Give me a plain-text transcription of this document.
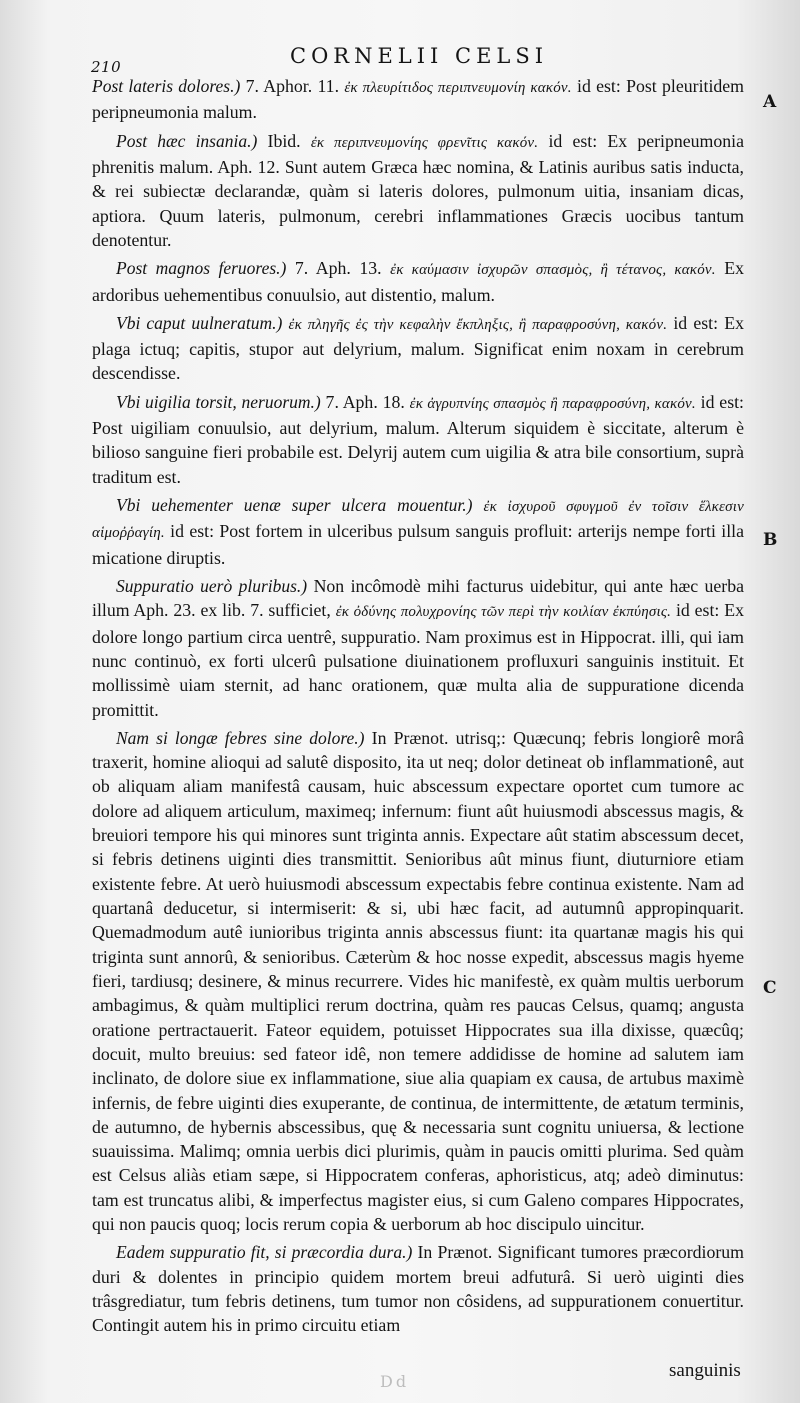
210	CORNELII CELSI
A
B
C

Post lateris dolores.) 7. Aphor. 11. ἐκ πλευρίτιδος περιπνευμονίη κακόν. id est: Post pleuritidem peripneumonia malum.

Post hæc insania.) Ibid. ἐκ περιπνευμονίης φρενῖτις κακόν. id est: Ex peripneumonia phrenitis malum. Aph. 12. Sunt autem Græca hæc nomina, & Latinis auribus satis inducta, & rei subiectæ declarandæ, quàm si lateris dolores, pulmonum uitia, insaniam dicas, aptiora. Quum lateris, pulmonum, cerebri inflammationes Græcis uocibus tantum denotentur.

Post magnos feruores.) 7. Aph. 13. ἐκ καύμασιν ἰσχυρῶν σπασμὸς, ἢ τέτανος, κακόν. Ex ardoribus uehementibus conuulsio, aut distentio, malum.

Vbi caput uulneratum.) ἐκ πληγῆς ἐς τὴν κεφαλὴν ἔκπληξις, ἢ παραφροσύνη, κακόν. id est: Ex plaga ictuq; capitis, stupor aut delyrium, malum. Significat enim noxam in cerebrum descendisse.

Vbi uigilia torsit, neruorum.) 7. Aph. 18. ἐκ ἀγρυπνίης σπασμὸς ἢ παραφροσύνη, κακόν. id est: Post uigiliam conuulsio, aut delyrium, malum. Alterum siquidem è siccitate, alterum è bilioso sanguine fieri probabile est. Delyrij autem cum uigilia & atra bile consortium, suprà traditum est.

Vbi uehementer uenæ super ulcera mouentur.) ἐκ ἰσχυροῦ σφυγμοῦ ἐν τοῖσιν ἕλκεσιν αἱμοῤῥαγίη. id est: Post fortem in ulceribus pulsum sanguis profluit: arterijs nempe forti illa micatione diruptis.

Suppuratio uerò pluribus.) Non incômodè mihi facturus uidebitur, qui ante hæc uerba illum Aph. 23. ex lib. 7. sufficiet, ἐκ ὀδύνης πολυχρονίης τῶν περὶ τὴν κοιλίαν ἐκπύησις. id est: Ex dolore longo partium circa uentrê, suppuratio. Nam proximus est in Hippocrat. illi, qui iam nunc continuò, ex forti ulcerû pulsatione diuinationem profluxuri sanguinis instituit. Et mollissimè uiam sternit, ad hanc orationem, quæ multa alia de suppuratione dicenda promittit.

Nam si longæ febres sine dolore.) In Prænot. utrisq;: Quæcunq; febris longiorê morâ traxerit, homine alioqui ad salutê disposito, ita ut neq; dolor detineat ob inflammationê, aut ob aliquam aliam manifestâ causam, huic abscessum expectare oportet cum tumore ac dolore ad aliquem articulum, maximeq; infernum: fiunt aût huiusmodi abscessus magis, & breuiori tempore his qui minores sunt triginta annis. Expectare aût statim abscessum decet, si febris detinens uiginti dies transmittit. Senioribus aût minus fiunt, diuturniore etiam existente febre. At uerò huiusmodi abscessum expectabis febre continua existente. Nam ad quartanâ deducetur, si intermiserit: & si, ubi hæc facit, ad autumnû appropinquarit. Quemadmodum autê iunioribus triginta annis abscessus fiunt: ita quartanæ magis his qui triginta sunt annorû, & senioribus. Cæterùm & hoc nosse expedit, abscessus magis hyeme fieri, tardiusq; desinere, & minus recurrere. Vides hic manifestè, ex quàm multis uerborum ambagimus, & quàm multiplici rerum doctrina, quàm res paucas Celsus, quamq; angusta oratione pertractauerit. Fateor equidem, potuisset Hippocrates sua illa dixisse, quæcûq; docuit, multo breuius: sed fateor idê, non temere addidisse de homine ad salutem iam inclinato, de dolore siue ex inflammatione, siue alia quapiam ex causa, de artubus maximè infernis, de febre uiginti dies exuperante, de continua, de intermittente, de ætatum terminis, de autumno, de hybernis abscessibus, quę & necessaria sunt cognitu uniuersa, & lectione suauissima. Malimq; omnia uerbis dici plurimis, quàm in paucis omitti plurima. Sed quàm est Celsus aliàs etiam sæpe, si Hippocratem conferas, aphoristicus, atq; adeò diminutus: tam est truncatus alibi, & imperfectus magister eius, si cum Galeno compares Hippocrates, qui non paucis quoq; locis rerum copia & uerborum ab hoc discipulo uincitur.

Eadem suppuratio fit, si præcordia dura.) In Prænot. Significant tumores præcordiorum duri & dolentes in principio quidem mortem breui adfuturâ. Si uerò uiginti dies trâsgrediatur, tum febris detinens, tum tumor non côsidens, ad suppurationem conuertitur. Contingit autem his in primo circuitu etiam

Dd
sanguinis
